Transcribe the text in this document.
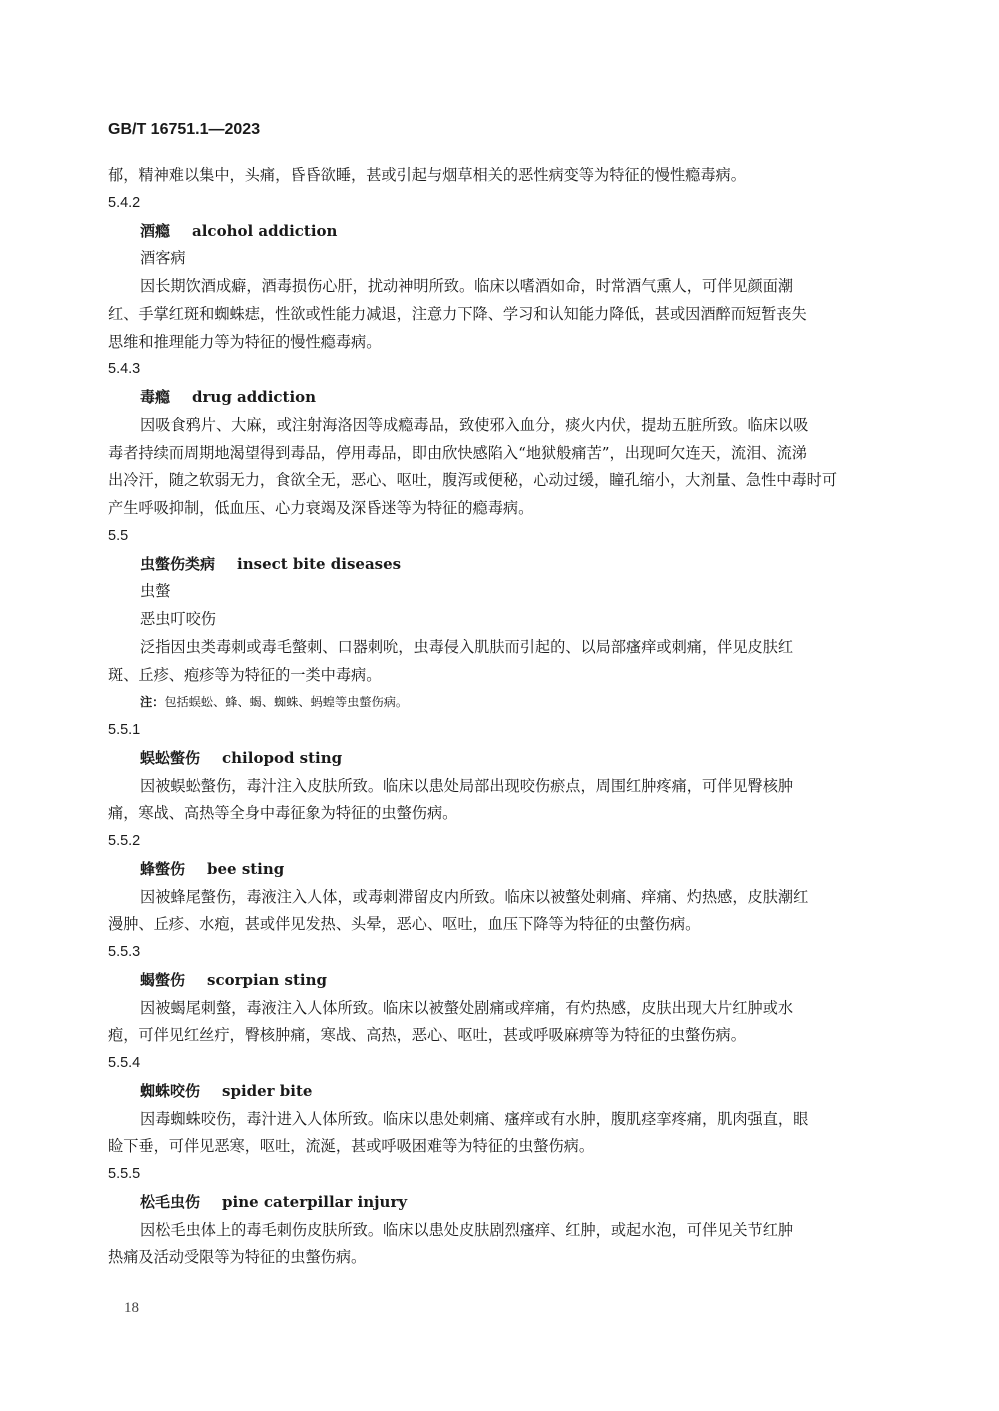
GB/T 16751.1—2023
郁，精神难以集中，头痛，昏昏欲睡，甚或引起与烟草相关的恶性病变等为特征的慢性瘾毒病。
5.4.2
酒瘾 alcohol addiction
酒客病
因长期饮酒成癖，酒毒损伤心肝，扰动神明所致。临床以嗜酒如命，时常酒气熏人，可伴见颜面潮
红、手掌红斑和蜘蛛痣，性欲或性能力减退，注意力下降、学习和认知能力降低，甚或因酒醉而短暂丧失
思维和推理能力等为特征的慢性瘾毒病。
5.4.3
毒瘾 drug addiction
因吸食鸦片、大麻，或注射海洛因等成瘾毒品，致使邪入血分，痰火内伏，提劫五脏所致。临床以吸
毒者持续而周期地渴望得到毒品，停用毒品，即由欣快感陷入“地狱般痛苦”，出现呵欠连天，流泪、流涕
出冷汗，随之软弱无力，食欲全无，恶心、呕吐，腹泻或便秘，心动过缓，瞳孔缩小，大剂量、急性中毒时可
产生呼吸抑制，低血压、心力衰竭及深昏迷等为特征的瘾毒病。
5.5
虫螫伤类病 insect bite diseases
虫螫
恶虫叮咬伤
泛指因虫类毒刺或毒毛螫刺、口器刺吮，虫毒侵入肌肤而引起的、以局部瘙痒或刺痛，伴见皮肤红
斑、丘疹、疱疹等为特征的一类中毒病。
注：包括蜈蚣、蜂、蝎、蜘蛛、蚂蝗等虫螫伤病。
5.5.1
蜈蚣螫伤 chilopod sting
因被蜈蚣螫伤，毒汁注入皮肤所致。临床以患处局部出现咬伤瘀点，周围红肿疼痛，可伴见臀核肿
痛，寒战、高热等全身中毒征象为特征的虫螫伤病。
5.5.2
蜂螫伤 bee sting
因被蜂尾螫伤，毒液注入人体，或毒刺滞留皮内所致。临床以被螫处刺痛、痒痛、灼热感，皮肤潮红
漫肿、丘疹、水疱，甚或伴见发热、头晕，恶心、呕吐，血压下降等为特征的虫螫伤病。
5.5.3
蝎螫伤 scorpian sting
因被蝎尾刺螫，毒液注入人体所致。临床以被螫处剧痛或痒痛，有灼热感，皮肤出现大片红肿或水
疱，可伴见红丝疔，臀核肿痛，寒战、高热，恶心、呕吐，甚或呼吸麻痹等为特征的虫螫伤病。
5.5.4
蜘蛛咬伤 spider bite
因毒蜘蛛咬伤，毒汁进入人体所致。临床以患处刺痛、瘙痒或有水肿，腹肌痉挛疼痛，肌肉强直，眼
睑下垂，可伴见恶寒，呕吐，流涎，甚或呼吸困难等为特征的虫螫伤病。
5.5.5
松毛虫伤 pine caterpillar injury
因松毛虫体上的毒毛刺伤皮肤所致。临床以患处皮肤剧烈瘙痒、红肿，或起水泡，可伴见关节红肿
热痛及活动受限等为特征的虫螫伤病。
18
